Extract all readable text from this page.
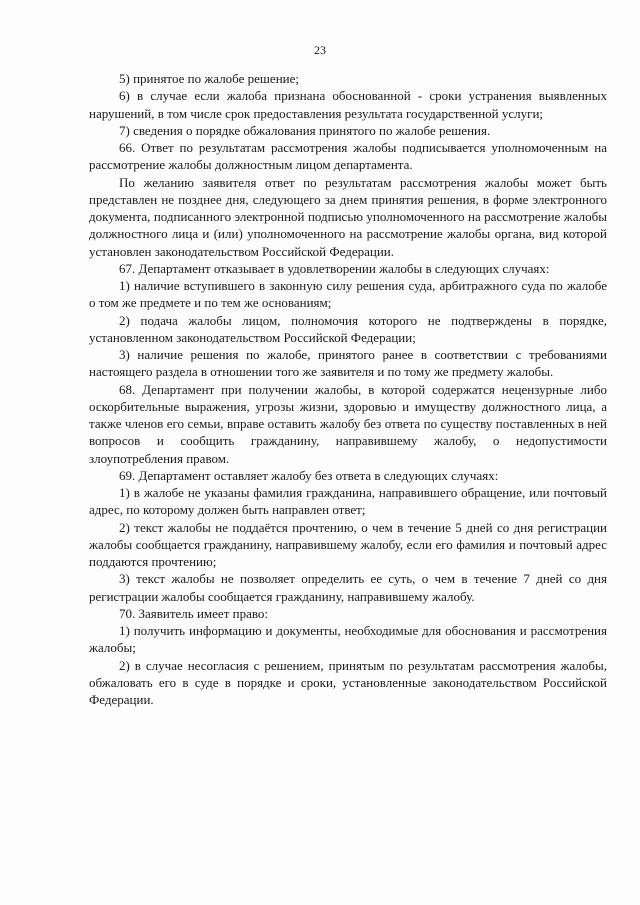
23

5) принятое по жалобе решение;

6) в случае если жалоба признана обоснованной - сроки устранения выявленных нарушений, в том числе срок предоставления результата государственной услуги;

7) сведения о порядке обжалования принятого по жалобе решения.

66. Ответ по результатам рассмотрения жалобы подписывается уполномоченным на рассмотрение жалобы должностным лицом департамента.

По желанию заявителя ответ по результатам рассмотрения жалобы может быть представлен не позднее дня, следующего за днем принятия решения, в форме электронного документа, подписанного электронной подписью уполномоченного на рассмотрение жалобы должностного лица и (или) уполномоченного на рассмотрение жалобы органа, вид которой установлен законодательством Российской Федерации.

67. Департамент отказывает в удовлетворении жалобы в следующих случаях:

1) наличие вступившего в законную силу решения суда, арбитражного суда по жалобе о том же предмете и по тем же основаниям;

2) подача жалобы лицом, полномочия которого не подтверждены в порядке, установленном законодательством Российской Федерации;

3) наличие решения по жалобе, принятого ранее в соответствии с требованиями настоящего раздела в отношении того же заявителя и по тому же предмету жалобы.

68. Департамент при получении жалобы, в которой содержатся нецензурные либо оскорбительные выражения, угрозы жизни, здоровью и имуществу должностного лица, а также членов его семьи, вправе оставить жалобу без ответа по существу поставленных в ней вопросов и сообщить гражданину, направившему жалобу, о недопустимости злоупотребления правом.

69. Департамент оставляет жалобу без ответа в следующих случаях:

1) в жалобе не указаны фамилия гражданина, направившего обращение, или почтовый адрес, по которому должен быть направлен ответ;

2) текст жалобы не поддаётся прочтению, о чем в течение 5 дней со дня регистрации жалобы сообщается гражданину, направившему жалобу, если его фамилия и почтовый адрес поддаются прочтению;

3) текст жалобы не позволяет определить ее суть, о чем в течение 7 дней со дня регистрации жалобы сообщается гражданину, направившему жалобу.

70. Заявитель имеет право:

1) получить информацию и документы, необходимые для обоснования и рассмотрения жалобы;

2) в случае несогласия с решением, принятым по результатам рассмотрения жалобы, обжаловать его в суде в порядке и сроки, установленные законодательством Российской Федерации.
